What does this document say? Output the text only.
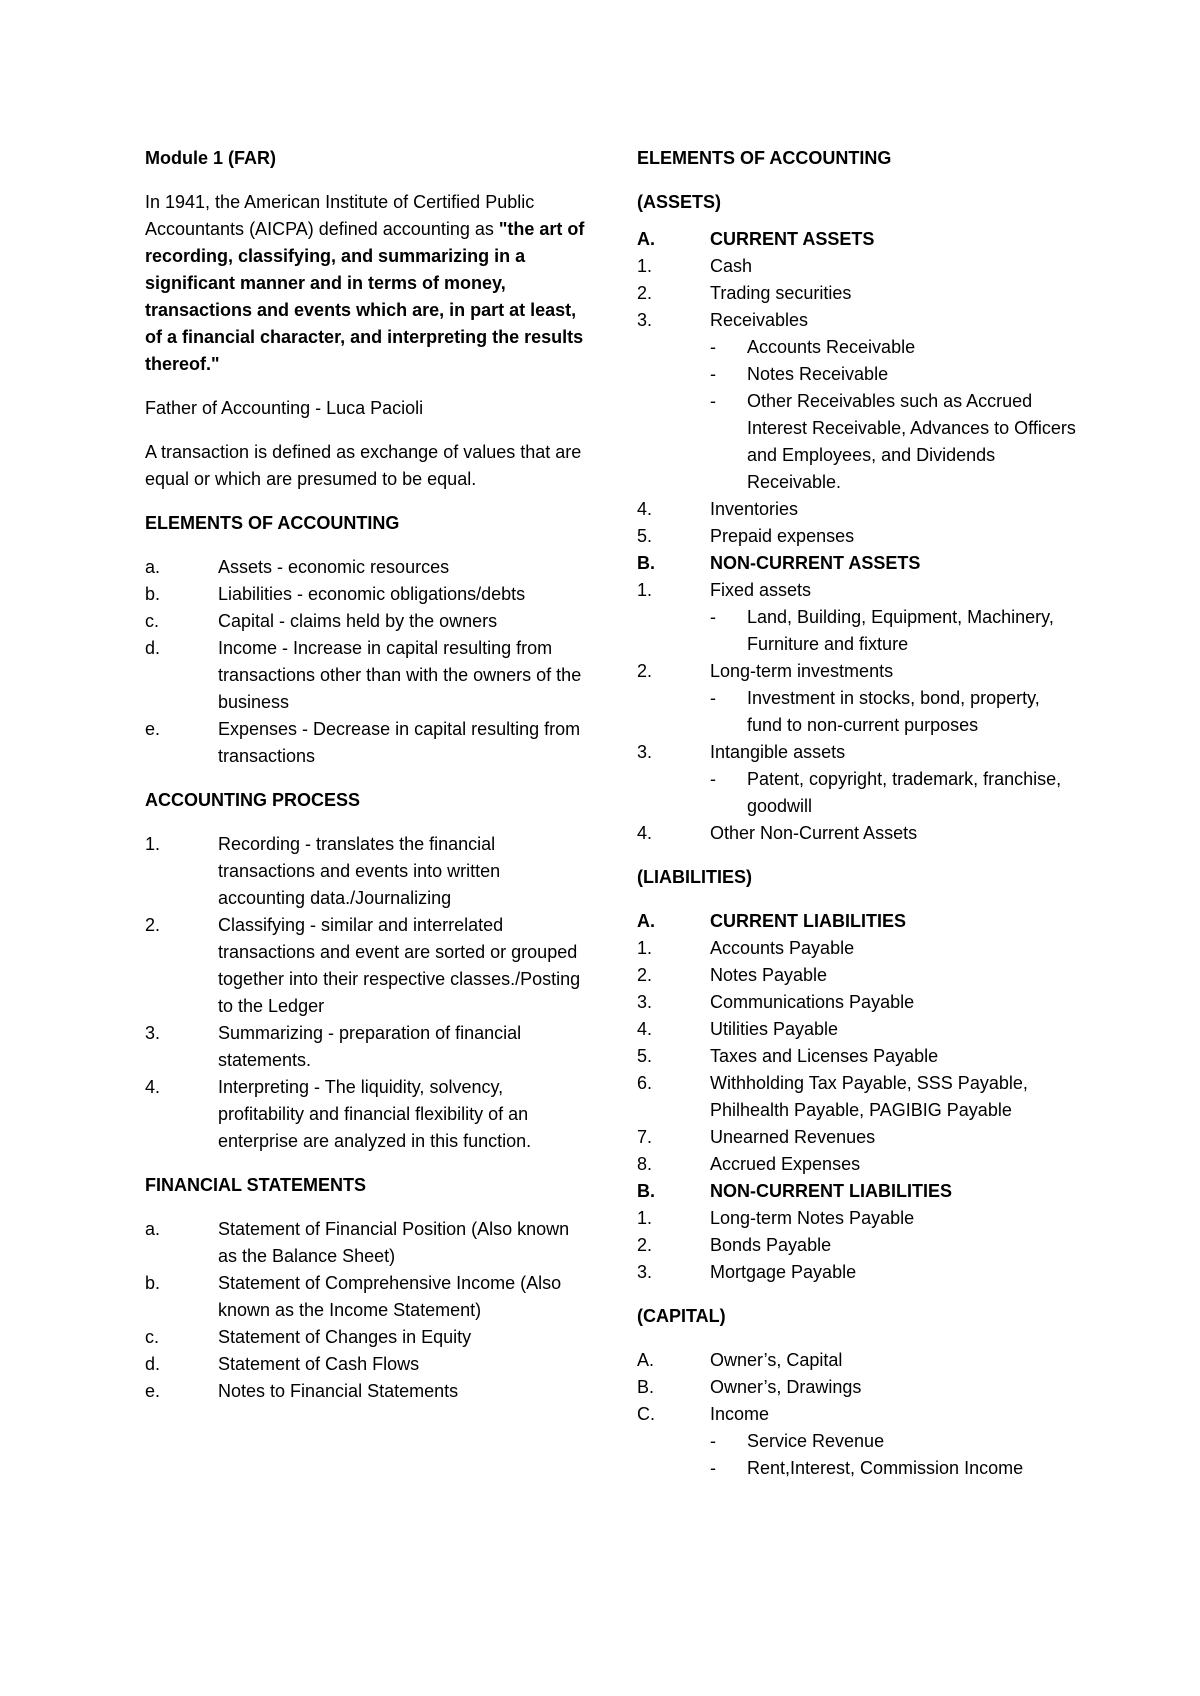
Module 1 (FAR)
In 1941, the American Institute of Certified Public Accountants (AICPA) defined accounting as "the art of recording, classifying, and summarizing in a significant manner and in terms of money, transactions and events which are, in part at least, of a financial character, and interpreting the results thereof."
Father of Accounting - Luca Pacioli
A transaction is defined as exchange of values that are equal or which are presumed to be equal.
ELEMENTS OF ACCOUNTING
a.	Assets - economic resources
b.	Liabilities - economic obligations/debts
c.	Capital - claims held by the owners
d.	Income - Increase in capital resulting from transactions other than with the owners of the business
e.	Expenses - Decrease in capital resulting from transactions
ACCOUNTING PROCESS
1.	Recording - translates the financial transactions and events into written accounting data./Journalizing
2.	Classifying - similar and interrelated transactions and event are sorted or grouped together into their respective classes./Posting to the Ledger
3.	Summarizing - preparation of financial statements.
4.	Interpreting - The liquidity, solvency, profitability and financial flexibility of an enterprise are analyzed in this function.
FINANCIAL STATEMENTS
a.	Statement of Financial Position (Also known as the Balance Sheet)
b.	Statement of Comprehensive Income (Also known as the Income Statement)
c.	Statement of Changes in Equity
d.	Statement of Cash Flows
e.	Notes to Financial Statements
ELEMENTS OF ACCOUNTING
(ASSETS)
A.	CURRENT ASSETS
1.	Cash
2.	Trading securities
3.	Receivables
-	Accounts Receivable
-	Notes Receivable
-	Other Receivables such as Accrued Interest Receivable, Advances to Officers and Employees, and Dividends Receivable.
4.	Inventories
5.	Prepaid expenses
B.	NON-CURRENT ASSETS
1.	Fixed assets
-	Land, Building, Equipment, Machinery, Furniture and fixture
2.	Long-term investments
-	Investment in stocks, bond, property, fund to non-current purposes
3.	Intangible assets
-	Patent, copyright, trademark, franchise, goodwill
4.	Other Non-Current Assets
(LIABILITIES)
A.	CURRENT LIABILITIES
1.	Accounts Payable
2.	Notes Payable
3.	Communications Payable
4.	Utilities Payable
5.	Taxes and Licenses Payable
6.	Withholding Tax Payable, SSS Payable, Philhealth Payable, PAGIBIG Payable
7.	Unearned Revenues
8.	Accrued Expenses
B.	NON-CURRENT LIABILITIES
1.	Long-term Notes Payable
2.	Bonds Payable
3.	Mortgage Payable
(CAPITAL)
A.	Owner’s, Capital
B.	Owner’s, Drawings
C.	Income
-	Service Revenue
-	Rent,Interest, Commission Income
